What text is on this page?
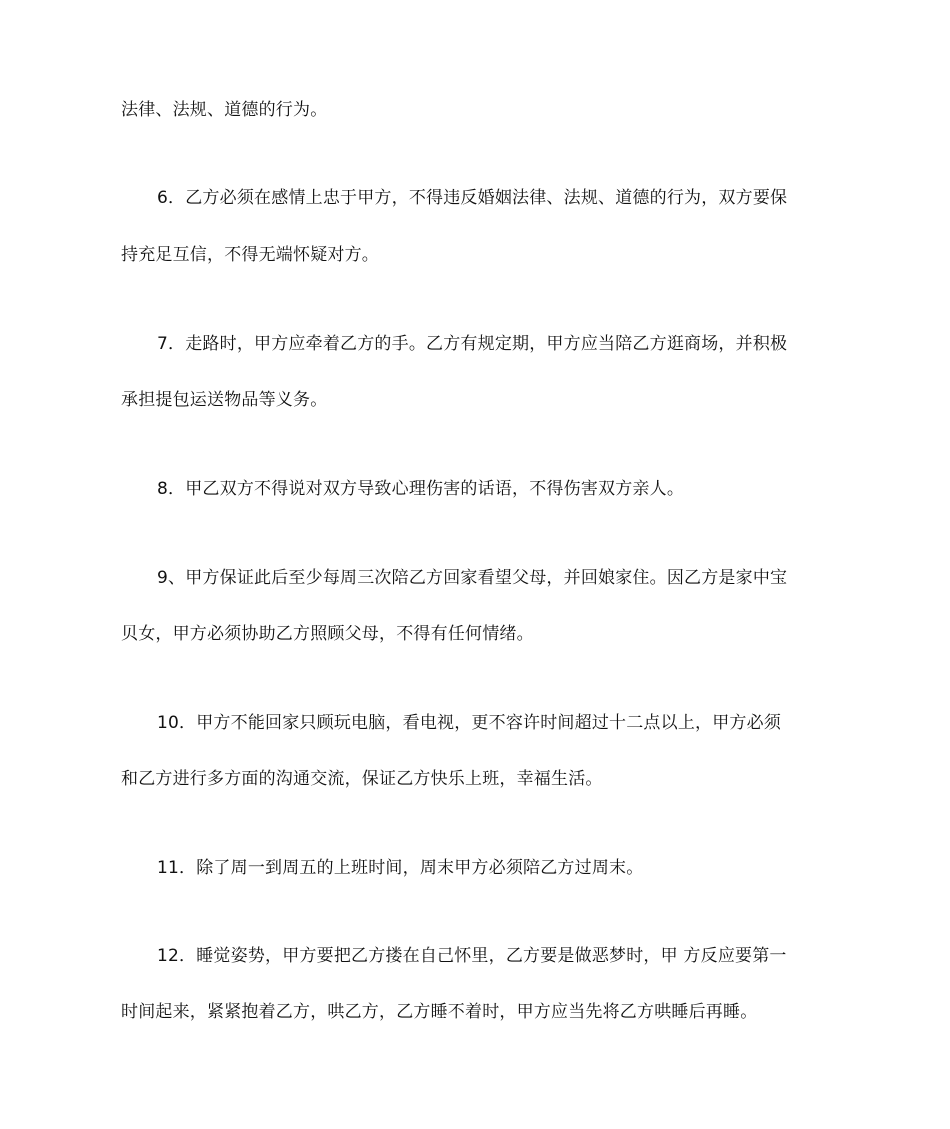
法律、法规、道德的行为。
6．乙方必须在感情上忠于甲方，不得违反婚姻法律、法规、道德的行为，双方要保
持充足互信，不得无端怀疑对方。
7．走路时，甲方应牵着乙方的手。乙方有规定期，甲方应当陪乙方逛商场，并积极
承担提包运送物品等义务。
8．甲乙双方不得说对双方导致心理伤害的话语，不得伤害双方亲人。
9、甲方保证此后至少每周三次陪乙方回家看望父母，并回娘家住。因乙方是家中宝
贝女，甲方必须协助乙方照顾父母，不得有任何情绪。
10．甲方不能回家只顾玩电脑，看电视，更不容许时间超过十二点以上，甲方必须
和乙方进行多方面的沟通交流，保证乙方快乐上班，幸福生活。
11．除了周一到周五的上班时间，周末甲方必须陪乙方过周末。
12．睡觉姿势，甲方要把乙方搂在自己怀里，乙方要是做恶梦时，甲 方反应要第一
时间起来，紧紧抱着乙方，哄乙方，乙方睡不着时，甲方应当先将乙方哄睡后再睡。
